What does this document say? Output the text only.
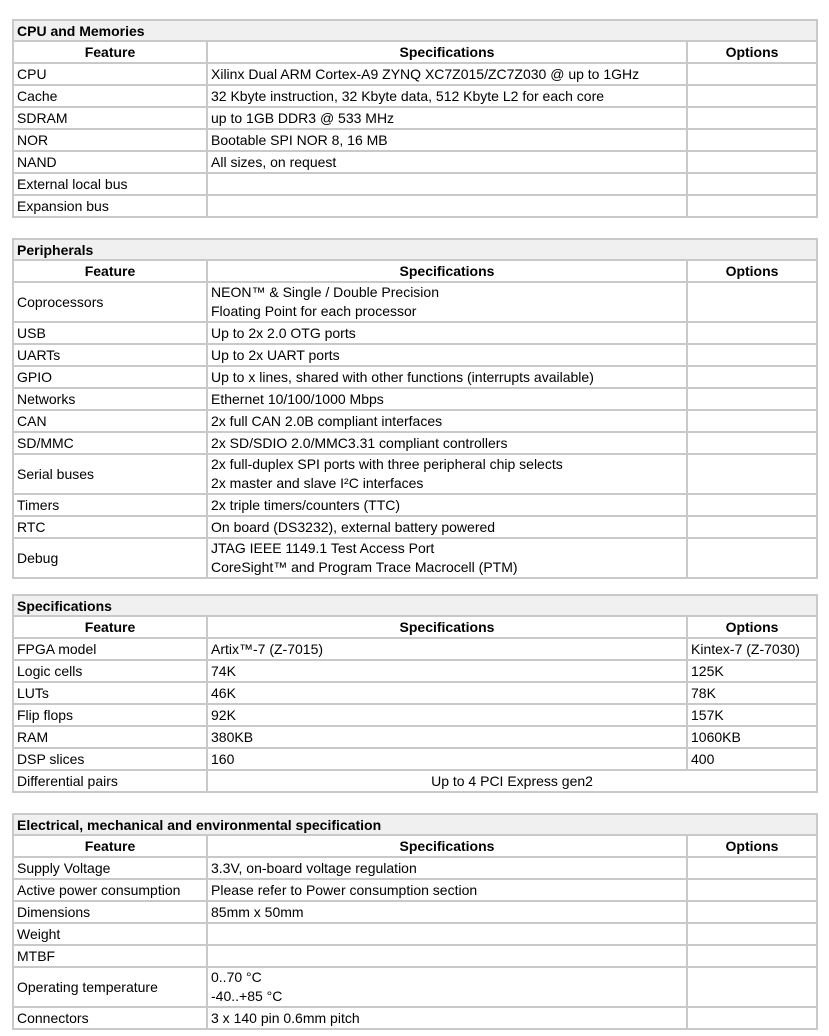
CPU and Memories		
Feature	Specifications	Options
CPU	Xilinx Dual ARM Cortex-A9 ZYNQ XC7Z015/ZC7Z030 @ up to 1GHz	
Cache	32 Kbyte instruction, 32 Kbyte data, 512 Kbyte L2 for each core	
SDRAM	up to 1GB DDR3 @ 533 MHz	
NOR	Bootable SPI NOR 8, 16 MB	
NAND	All sizes, on request	
External local bus		
Expansion bus		
Peripherals		
Feature	Specifications	Options
Coprocessors	NEON™ & Single / Double Precision
Floating Point for each processor	

USB	Up to 2x 2.0 OTG ports	
UARTs	Up to 2x UART ports	
GPIO	Up to x lines, shared with other functions (interrupts available)	
Networks	Ethernet 10/100/1000 Mbps	
CAN	2x full CAN 2.0B compliant interfaces	
SD/MMC	2x SD/SDIO 2.0/MMC3.31 compliant controllers	
Serial buses	2x full-duplex SPI ports with three peripheral chip selects
2x master and slave I²C interfaces	

Timers	2x triple timers/counters (TTC)	
RTC	On board (DS3232), external battery powered	
Debug	JTAG IEEE 1149.1 Test Access Port
CoreSight™ and Program Trace Macrocell (PTM)	

Specifications		
Feature	Specifications	Options
FPGA model	Artix™-7 (Z-7015)	Kintex-7 (Z-7030)
Logic cells	74K	125K
LUTs	46K	78K
Flip flops	92K	157K
RAM	380KB	1060KB
DSP slices	160	400
Differential pairs	Up to 4 PCI Express gen2	
Electrical, mechanical and environmental specification		
Feature	Specifications	Options
Supply Voltage	3.3V, on-board voltage regulation	
Active power consumption	Please refer to Power consumption section	
Dimensions	85mm x 50mm	
Weight		
MTBF		
Operating temperature	0..70 °C
-40..+85 °C	

Connectors	3 x 140 pin 0.6mm pitch	
